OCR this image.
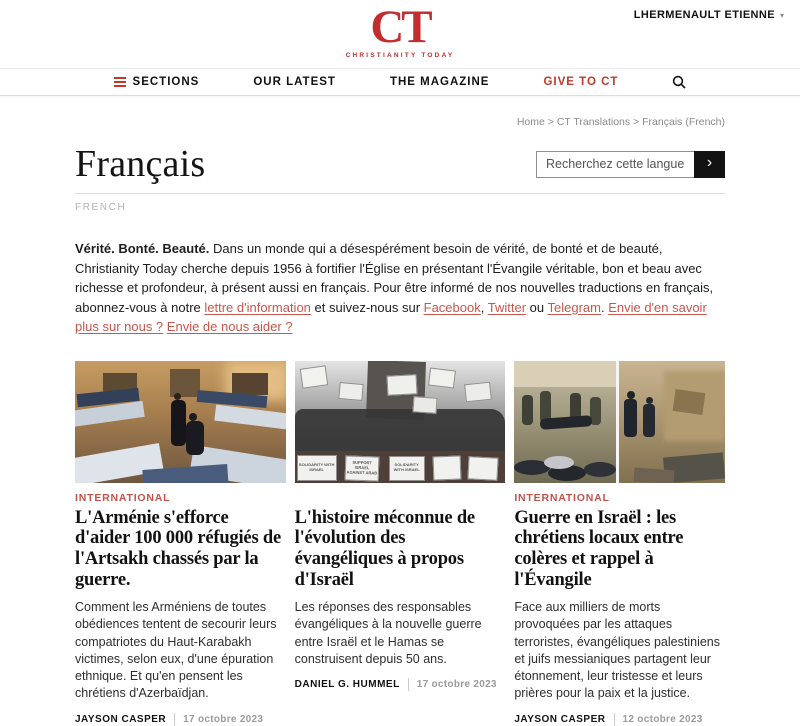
CT
CHRISTIANITY TODAY
LHERMENAULT ETIENNE ▾
SECTIONS	OUR LATEST	THE MAGAZINE	GIVE TO CT
Home > CT Translations > Français (French)
Français
Recherchez cette langue	›
FRENCH

Vérité. Bonté. Beauté. Dans un monde qui a désespérément besoin de vérité, de bonté et de beauté, Christianity Today cherche depuis 1956 à fortifier l'Église en présentant l'Évangile véritable, bon et beau avec richesse et profondeur, à présent aussi en français. Pour être informé de nos nouvelles traductions en français, abonnez-vous à notre lettre d'information et suivez-nous sur Facebook, Twitter ou Telegram. Envie d'en savoir plus sur nous ? Envie de nous aider ?

INTERNATIONAL
L'Arménie s'efforce d'aider 100 000 réfugiés de l'Artsakh chassés par la guerre.

Comment les Arméniens de toutes obédiences tentent de secourir leurs compatriotes du Haut-Karabakh victimes, selon eux, d'une épuration ethnique. Et qu'en pensent les chrétiens d'Azerbaïdjan.

JAYSON CASPER 17 octobre 2023
SOLIDARITY WITH ISRAEL
SUPPORT ISRAEL AGAINST ARAB
SOLIDARITY WITH ISRAEL
L'histoire méconnue de l'évolution des évangéliques à propos d'Israël

Les réponses des responsables évangéliques à la nouvelle guerre entre Israël et le Hamas se construisent depuis 50 ans.

DANIEL G. HUMMEL 17 octobre 2023
INTERNATIONAL
Guerre en Israël : les chrétiens locaux entre colères et rappel à l'Évangile

Face aux milliers de morts provoquées par les attaques terroristes, évangéliques palestiniens et juifs messianiques partagent leur étonnement, leur tristesse et leurs prières pour la paix et la justice.

JAYSON CASPER 12 octobre 2023
